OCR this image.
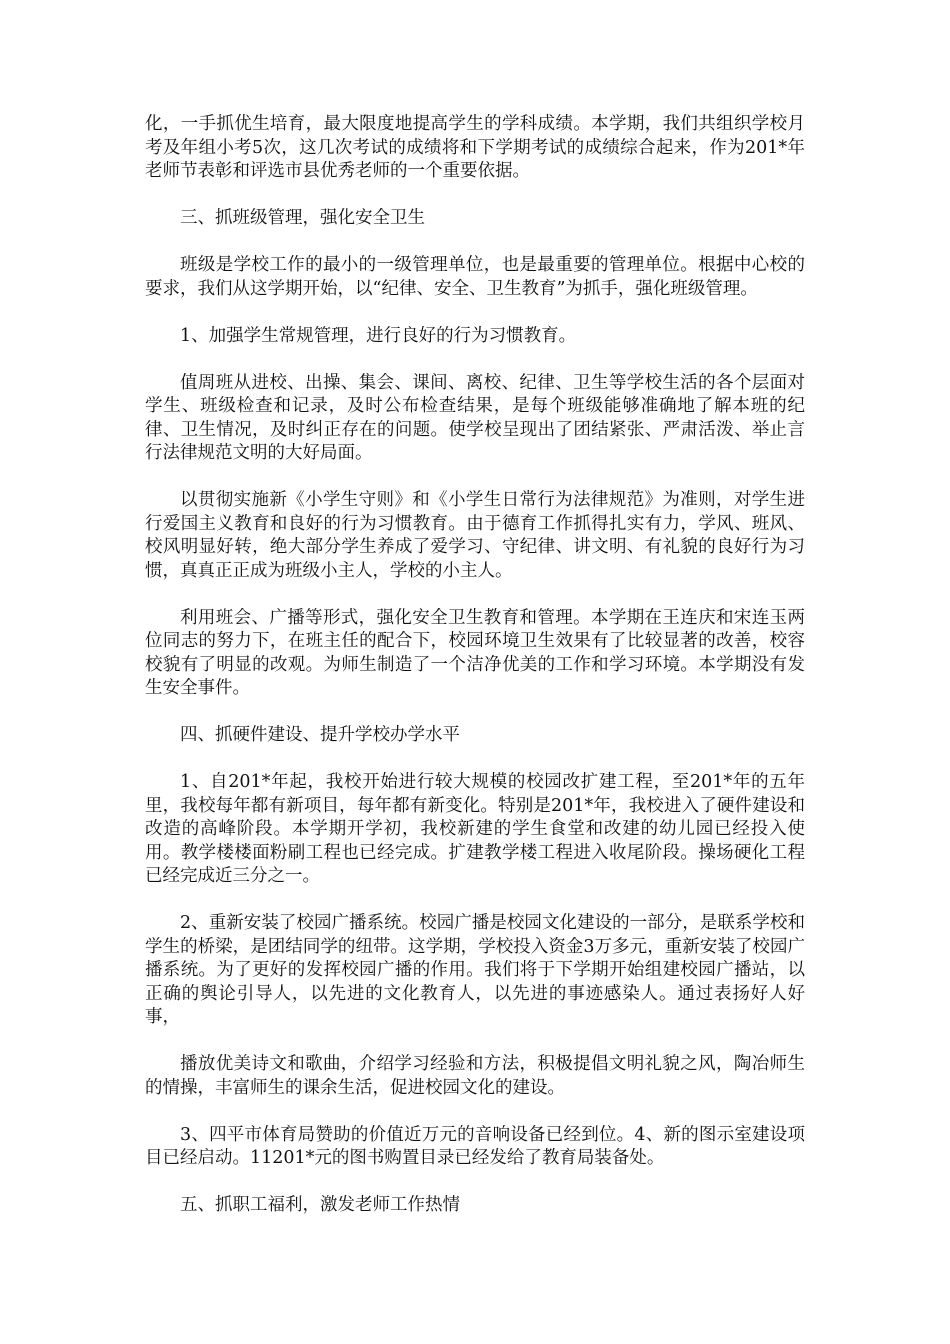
化，一手抓优生培育，最大限度地提高学生的学科成绩。本学期，我们共组织学校月考及年组小考5次，这几次考试的成绩将和下学期考试的成绩综合起来，作为201*年老师节表彰和评选市县优秀老师的一个重要依据。

三、抓班级管理，强化安全卫生

班级是学校工作的最小的一级管理单位，也是最重要的管理单位。根据中心校的要求，我们从这学期开始，以“纪律、安全、卫生教育”为抓手，强化班级管理。

1、加强学生常规管理，进行良好的行为习惯教育。

值周班从进校、出操、集会、课间、离校、纪律、卫生等学校生活的各个层面对学生、班级检查和记录，及时公布检查结果，是每个班级能够准确地了解本班的纪律、卫生情况，及时纠正存在的问题。使学校呈现出了团结紧张、严肃活泼、举止言行法律规范文明的大好局面。

以贯彻实施新《小学生守则》和《小学生日常行为法律规范》为准则，对学生进行爱国主义教育和良好的行为习惯教育。由于德育工作抓得扎实有力，学风、班风、校风明显好转，绝大部分学生养成了爱学习、守纪律、讲文明、有礼貌的良好行为习惯，真真正正成为班级小主人，学校的小主人。

利用班会、广播等形式，强化安全卫生教育和管理。本学期在王连庆和宋连玉两位同志的努力下，在班主任的配合下，校园环境卫生效果有了比较显著的改善，校容校貌有了明显的改观。为师生制造了一个洁净优美的工作和学习环境。本学期没有发生安全事件。

四、抓硬件建设、提升学校办学水平

1、自201*年起，我校开始进行较大规模的校园改扩建工程，至201*年的五年里，我校每年都有新项目，每年都有新变化。特别是201*年，我校进入了硬件建设和改造的高峰阶段。本学期开学初，我校新建的学生食堂和改建的幼儿园已经投入使用。教学楼楼面粉刷工程也已经完成。扩建教学楼工程进入收尾阶段。操场硬化工程已经完成近三分之一。

2、重新安装了校园广播系统。校园广播是校园文化建设的一部分，是联系学校和学生的桥梁，是团结同学的纽带。这学期，学校投入资金3万多元，重新安装了校园广播系统。为了更好的发挥校园广播的作用。我们将于下学期开始组建校园广播站，以正确的舆论引导人，以先进的文化教育人，以先进的事迹感染人。通过表扬好人好事，

播放优美诗文和歌曲，介绍学习经验和方法，积极提倡文明礼貌之风，陶冶师生的情操，丰富师生的课余生活，促进校园文化的建设。

3、四平市体育局赞助的价值近万元的音响设备已经到位。4、新的图示室建设项目已经启动。11201*元的图书购置目录已经发给了教育局装备处。

五、抓职工福利，激发老师工作热情
